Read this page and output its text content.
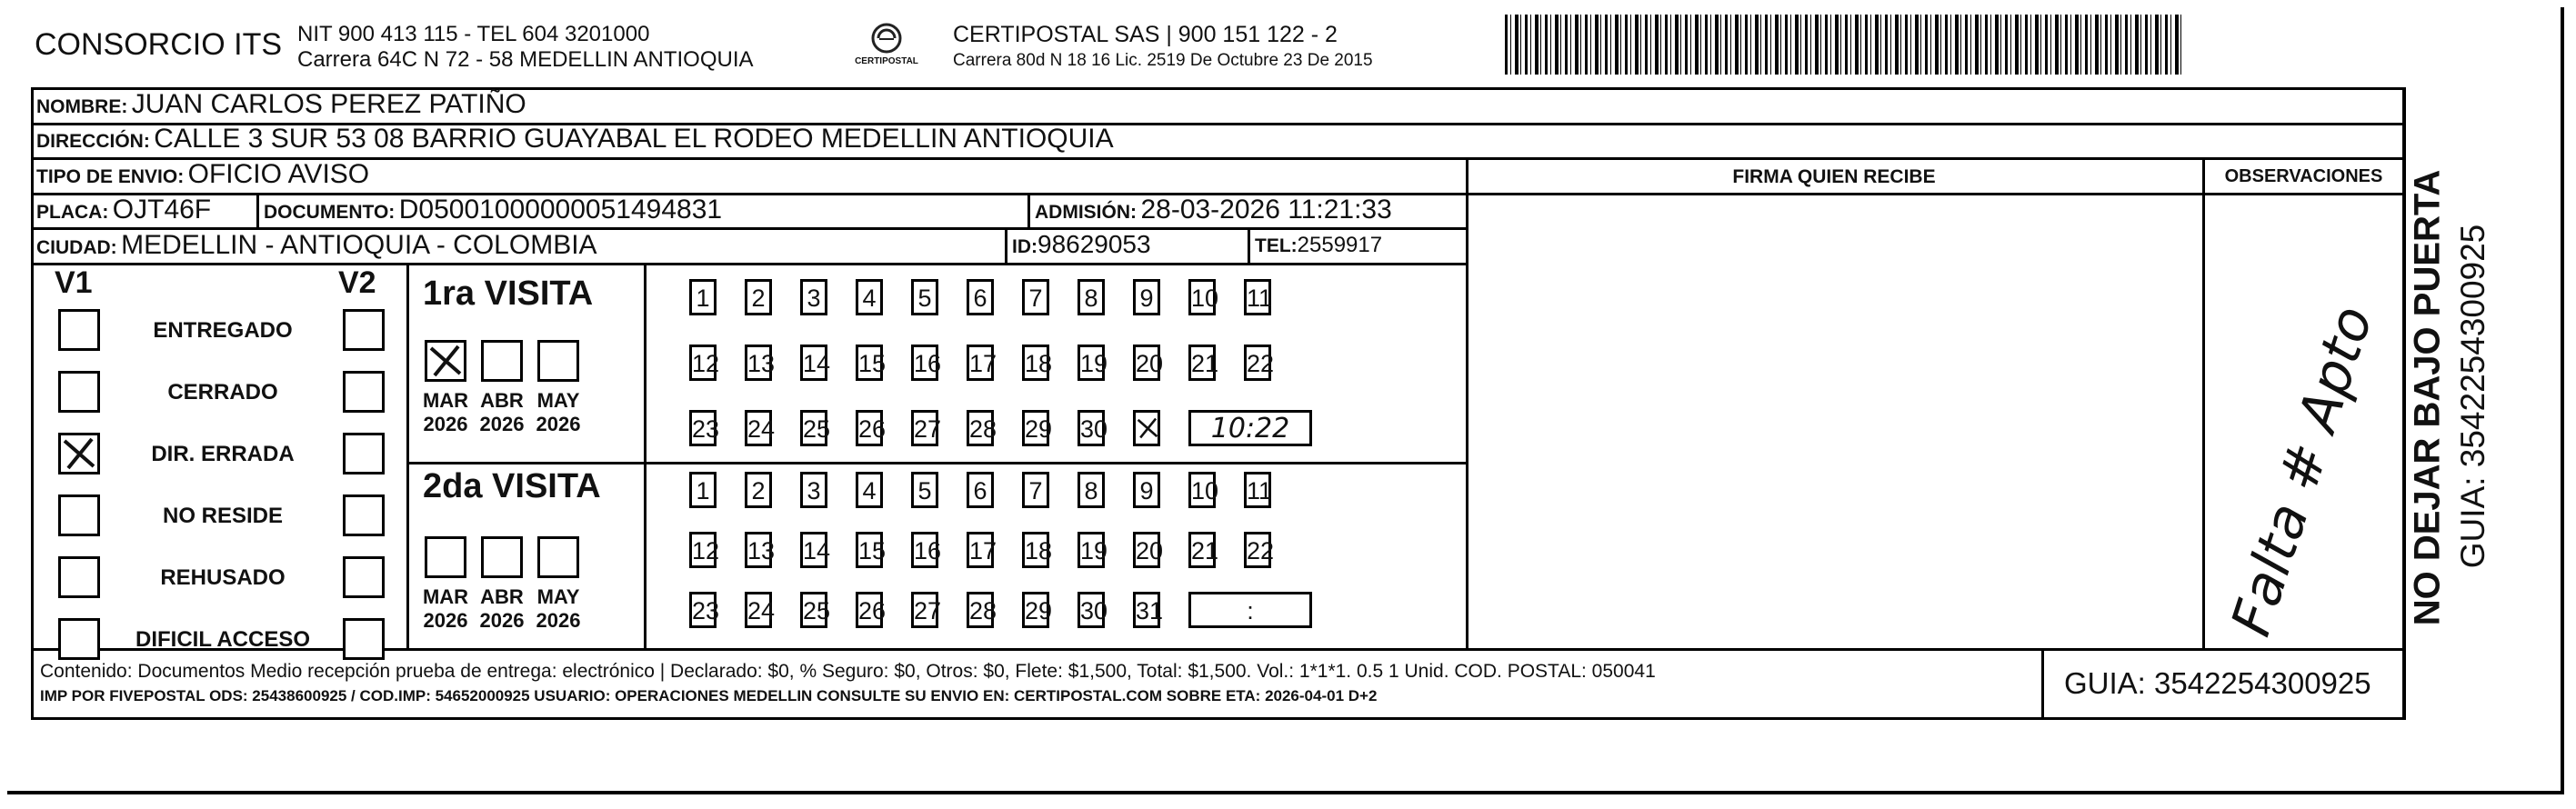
CONSORCIO ITS NIT 900 413 115 - TEL 604 3201000
Carrera 64C N 72 - 58 MEDELLIN ANTIOQUIA	CERTIPOSTAL
CERTIPOSTAL SAS | 900 151 122 - 2
Carrera 80d N 18 16 Lic. 2519 De Octubre 23 De 2015
NOMBRE: JUAN CARLOS PEREZ PATIÑO
DIRECCIÓN: CALLE 3 SUR 53 08 BARRIO GUAYABAL EL RODEO MEDELLIN ANTIOQUIA
TIPO DE ENVIO: OFICIO AVISO	FIRMA QUIEN RECIBE	OBSERVACIONES
PLACA: OJT46F	DOCUMENTO: D05001000000051494831	ADMISIÓN: 28-03-2026 11:21:33
CIUDAD: MEDELLIN - ANTIOQUIA - COLOMBIA	ID:98629053	TEL:2559917
V1	V2
ENTREGADO
CERRADO
DIR. ERRADA
NO RESIDE
REHUSADO
DIFICIL ACCESO
1ra VISITA
MAR
2026
ABR
2026
MAY
2026
1 2 3 4 5 6 7 8 9 10 11
12 13 14 15 16 17 18 19 20 21 22
23 24 25 26 27 28 29 30	10:22
2da VISITA
MAR
2026
ABR
2026
MAY
2026
1 2 3 4 5 6 7 8 9 10 11
12 13 14 15 16 17 18 19 20 21 22
23 24 25 26 27 28 29 30 31	:	Falta # Apto
Contenido: Documentos Medio recepción prueba de entrega: electrónico | Declarado: $0, % Seguro: $0, Otros: $0, Flete: $1,500, Total: $1,500. Vol.: 1*1*1. 0.5 1 Unid. COD. POSTAL: 050041
IMP POR FIVEPOSTAL ODS: 25438600925 / COD.IMP: 54652000925 USUARIO: OPERACIONES MEDELLIN CONSULTE SU ENVIO EN: CERTIPOSTAL.COM SOBRE ETA: 2026-04-01 D+2	GUIA: 3542254300925
NO DEJAR BAJO PUERTA GUIA: 3542254300925
